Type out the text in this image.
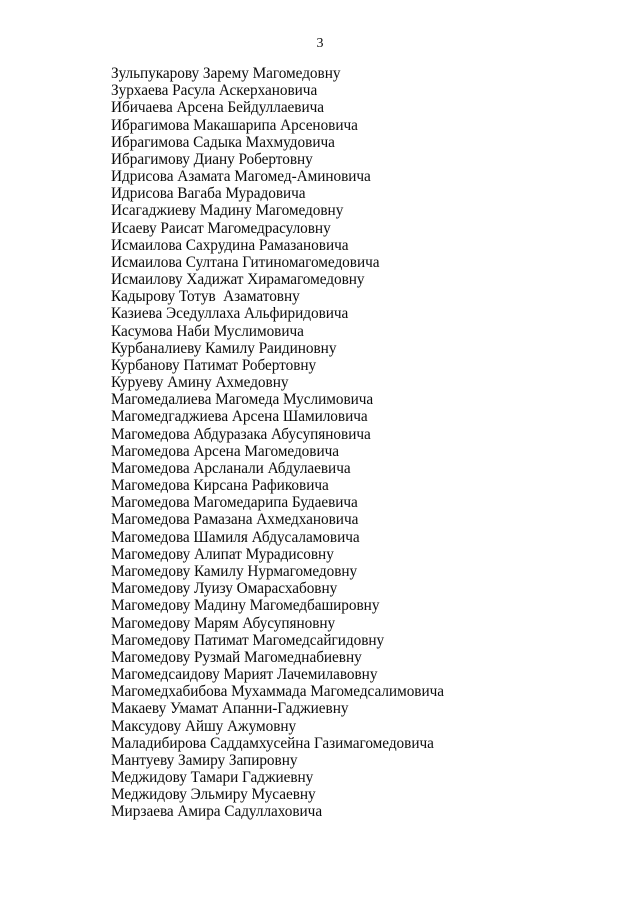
3
Зульпукарову Зарему Магомедовну
Зурхаева Расула Аскерхановича
Ибичаева Арсена Бейдуллаевича
Ибрагимова Макашарипа Арсеновича
Ибрагимова Садыка Махмудовича
Ибрагимову Диану Робертовну
Идрисова Азамата Магомед-Аминовича
Идрисова Вагаба Мурадовича
Исагаджиеву Мадину Магомедовну
Исаеву Раисат Магомедрасуловну
Исмаилова Сахрудина Рамазановича
Исмаилова Султана Гитиномагомедовича
Исмаилову Хадижат Хирамагомедовну
Кадырову Тотув  Азаматовну
Казиева Эседуллаха Альфиридовича
Касумова Наби Муслимовича
Курбаналиеву Камилу Раидиновну
Курбанову Патимат Робертовну
Куруеву Амину Ахмедовну
Магомедалиева Магомеда Муслимовича
Магомедгаджиева Арсена Шамиловича
Магомедова Абдуразака Абусупяновича
Магомедова Арсена Магомедовича
Магомедова Арсланали Абдулаевича
Магомедова Кирсана Рафиковича
Магомедова Магомедарипа Будаевича
Магомедова Рамазана Ахмедхановича
Магомедова Шамиля Абдусаламовича
Магомедову Алипат Мурадисовну
Магомедову Камилу Нурмагомедовну
Магомедову Луизу Омарасхабовну
Магомедову Мадину Магомедбашировну
Магомедову Марям Абусупяновну
Магомедову Патимат Магомедсайгидовну
Магомедову Рузмай Магомеднабиевну
Магомедсаидову Марият Лачемилавовну
Магомедхабибова Мухаммада Магомедсалимовича
Макаеву Умамат Апанни-Гаджиевну
Максудову Айшу Ажумовну
Маладибирова Саддамхусейна Газимагомедовича
Мантуеву Замиру Запировну
Меджидову Тамари Гаджиевну
Меджидову Эльмиру Мусаевну
Мирзаева Амира Садуллаховича
